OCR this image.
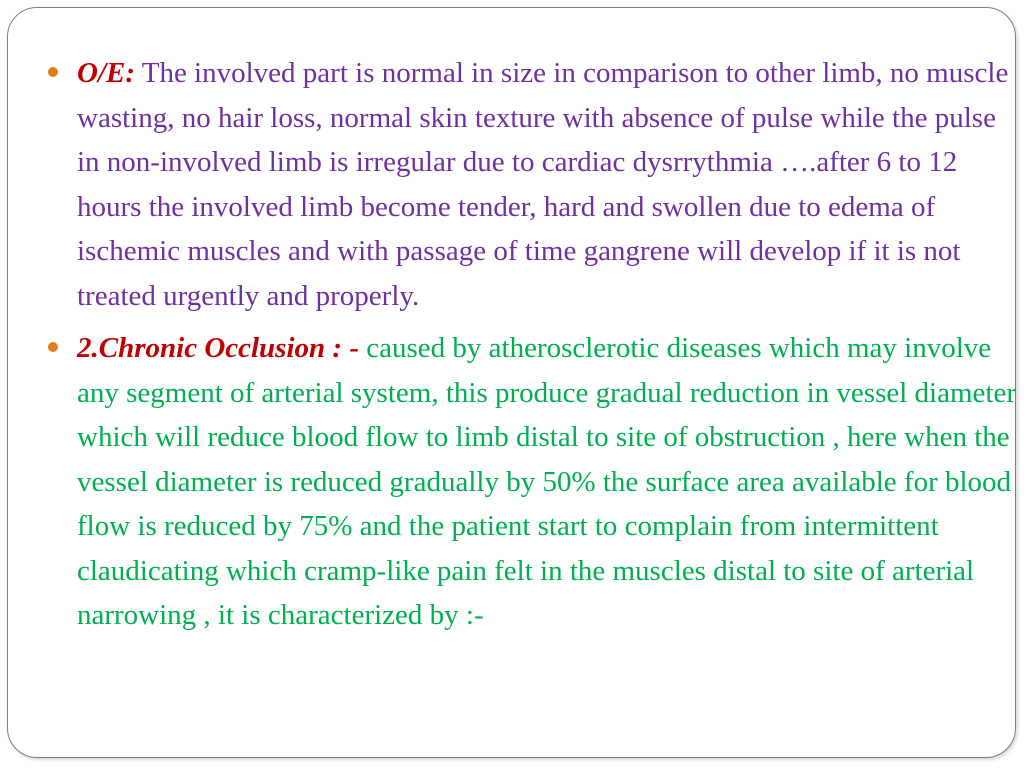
O/E: The involved part is normal in size in comparison to other limb, no muscle wasting, no hair loss, normal skin texture with absence of pulse while the pulse in non-involved limb is irregular due to cardiac dysrrythmia ….after 6 to 12 hours the involved limb become tender, hard and swollen due to edema of ischemic muscles and with passage of time gangrene will develop if it is not treated urgently and properly.
2.Chronic Occlusion : - caused by atherosclerotic diseases which may involve any segment of arterial system, this produce gradual reduction in vessel diameter which will reduce blood flow to limb distal to site of obstruction , here when the vessel diameter is reduced gradually by 50% the surface area available for blood flow is reduced by 75% and the patient start to complain from intermittent claudicating which cramp-like pain felt in the muscles distal to site of arterial narrowing , it is characterized by :-
